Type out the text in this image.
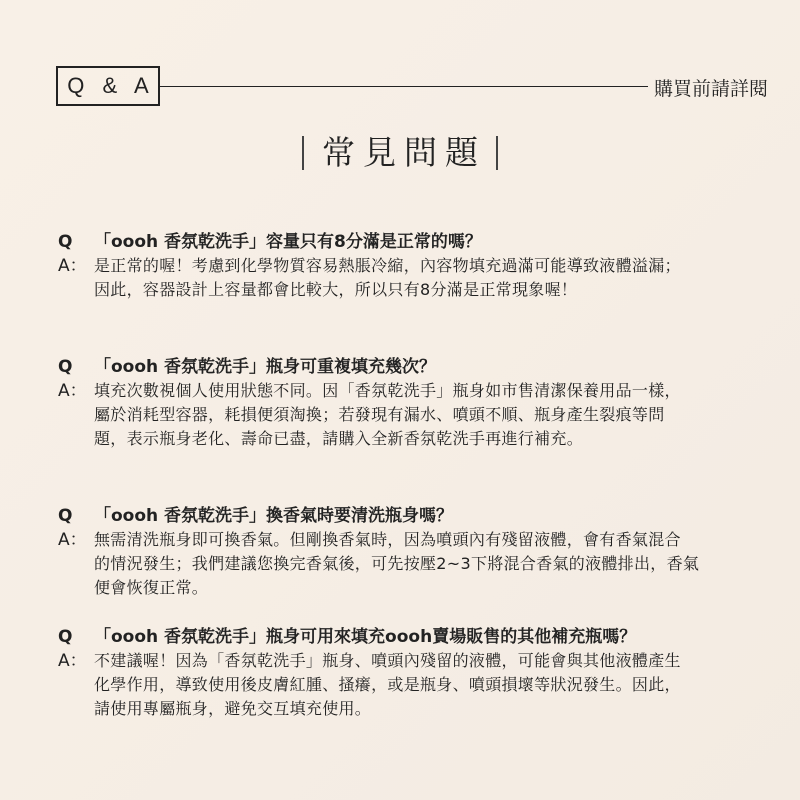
Q & A	購買前請詳閱
常見問題
Q	「oooh 香氛乾洗手」容量只有8分滿是正常的嗎？
A： 是正常的喔！考慮到化學物質容易熱脹冷縮，內容物填充過滿可能導致液體溢漏；
因此，容器設計上容量都會比較大，所以只有8分滿是正常現象喔！
Q	「oooh 香氛乾洗手」瓶身可重複填充幾次？
A： 填充次數視個人使用狀態不同。因「香氛乾洗手」瓶身如市售清潔保養用品一樣，
屬於消耗型容器，耗損便須淘換；若發現有漏水、噴頭不順、瓶身產生裂痕等問
題，表示瓶身老化、壽命已盡，請購入全新香氛乾洗手再進行補充。
Q	「oooh 香氛乾洗手」換香氣時要清洗瓶身嗎？
A： 無需清洗瓶身即可換香氣。但剛換香氣時，因為噴頭內有殘留液體，會有香氣混合
的情況發生；我們建議您換完香氣後，可先按壓2~3下將混合香氣的液體排出，香氣
便會恢復正常。
Q	「oooh 香氛乾洗手」瓶身可用來填充oooh賣場販售的其他補充瓶嗎？
A： 不建議喔！因為「香氛乾洗手」瓶身、噴頭內殘留的液體，可能會與其他液體產生
化學作用，導致使用後皮膚紅腫、搔癢，或是瓶身、噴頭損壞等狀況發生。因此，
請使用專屬瓶身，避免交互填充使用。
